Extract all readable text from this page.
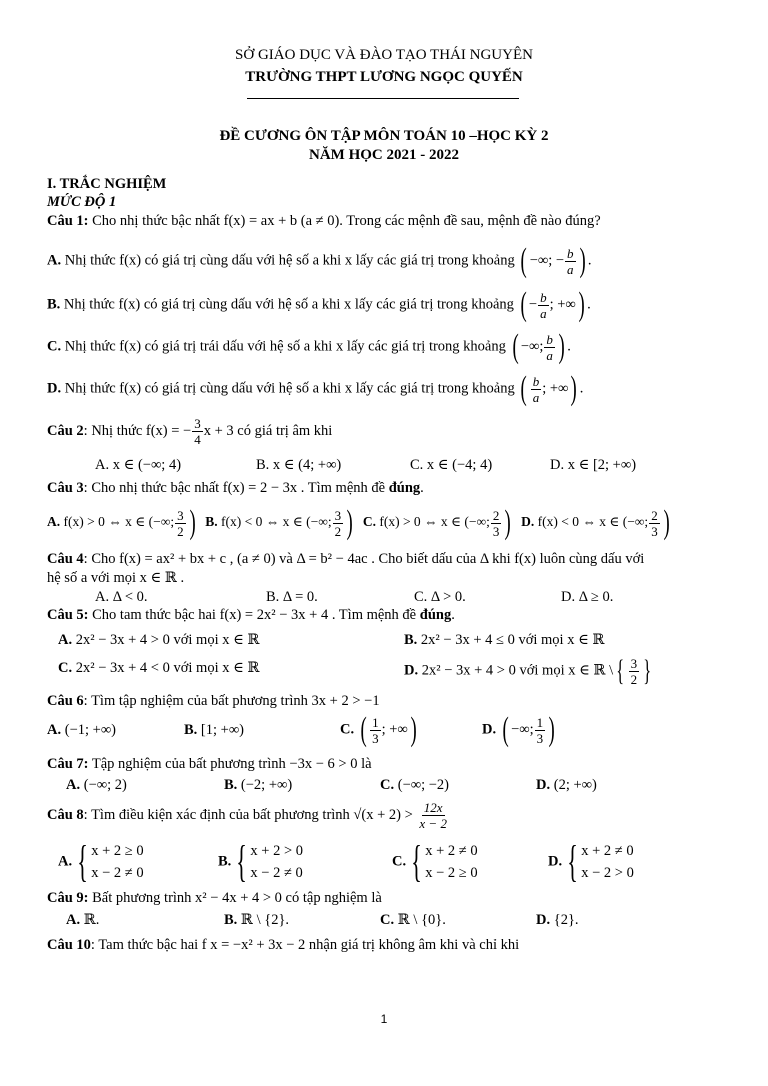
SỞ GIÁO DỤC VÀ ĐÀO TẠO THÁI NGUYÊN
TRƯỜNG THPT LƯƠNG NGỌC QUYẾN
ĐỀ CƯƠNG ÔN TẬP MÔN TOÁN 10 –HỌC KỲ 2
NĂM HỌC 2021 - 2022
I. TRẮC NGHIỆM
MỨC ĐỘ 1
Câu 1: Cho nhị thức bậc nhất f(x) = ax + b (a ≠ 0). Trong các mệnh đề sau, mệnh đề nào đúng?
A. Nhị thức f(x) có giá trị cùng dấu với hệ số a khi x lấy các giá trị trong khoảng ( −∞; − $\frac{b}{a}$ ) .
B. Nhị thức f(x) có giá trị cùng dấu với hệ số a khi x lấy các giá trị trong khoảng ( − $\frac{b}{a}$ ; +∞) .
C. Nhị thức f(x) có giá trị trái dấu với hệ số a khi x lấy các giá trị trong khoảng ( −∞; $\frac{b}{a}$ ) .
D. Nhị thức f(x) có giá trị cùng dấu với hệ số a khi x lấy các giá trị trong khoảng ( $\frac{b}{a}$ ; +∞) .
Câu 2: Nhị thức f(x) = − $\frac{3}{4}$ x + 3 có giá trị âm khi
A. x ∈ (−∞; 4)	B. x ∈ (4; +∞)	C. x ∈ (−4; 4)	D. x ∈ [2; +∞)
Câu 3: Cho nhị thức bậc nhất f(x) = 2 − 3x . Tìm mệnh đề đúng.
A. f(x) > 0 ⇔ x ∈ (−∞; $\frac{3}{2}$ ) B. f(x) < 0 ⇔ x ∈ (−∞; $\frac{3}{2}$ ) C. f(x) > 0 ⇔ x ∈ (−∞; $\frac{2}{3}$ ) D. f(x) < 0 ⇔ x ∈ (−∞; $\frac{2}{3}$ )
Câu 4: Cho f(x) = ax² + bx + c , (a ≠ 0) và Δ = b² − 4ac . Cho biết dấu của Δ khi f(x) luôn cùng dấu với
hệ số a với mọi x ∈ ℝ .
A. Δ < 0.	B. Δ = 0.	C. Δ > 0.	D. Δ ≥ 0.
Câu 5: Cho tam thức bậc hai f(x) = 2x² − 3x + 4 . Tìm mệnh đề đúng.
A. 2x² − 3x + 4 > 0 với mọi x ∈ ℝ	B. 2x² − 3x + 4 ≤ 0 với mọi x ∈ ℝ
C. 2x² − 3x + 4 < 0 với mọi x ∈ ℝ	D. 2x² − 3x + 4 > 0 với mọi x ∈ ℝ \ { $\frac{3}{2}$ }
Câu 6: Tìm tập nghiệm của bất phương trình 3x + 2 > −1
A. (−1; +∞)	B. [1; +∞)	C. ( $\frac{1}{3}$ ; +∞)	D. ( −∞; $\frac{1}{3}$ )
Câu 7: Tập nghiệm của bất phương trình −3x − 6 > 0 là
A. (−∞; 2)	B. (−2; +∞)	C. (−∞; −2)	D. (2; +∞)
Câu 8: Tìm điều kiện xác định của bất phương trình $√(x + 2) > \frac{12x}{x - 2}$
A. { x + 2 ≥ 0
x − 2 ≠ 0
B. { x + 2 > 0
x − 2 ≠ 0
C. { x + 2 ≠ 0
x − 2 ≥ 0
D. { x + 2 ≠ 0
x − 2 > 0
Câu 9: Bất phương trình x² − 4x + 4 > 0 có tập nghiệm là
A. ℝ.	B. ℝ \ {2}.	C. ℝ \ {0}.	D. {2}.
Câu 10: Tam thức bậc hai f x = −x² + 3x − 2 nhận giá trị không âm khi và chỉ khi
1
